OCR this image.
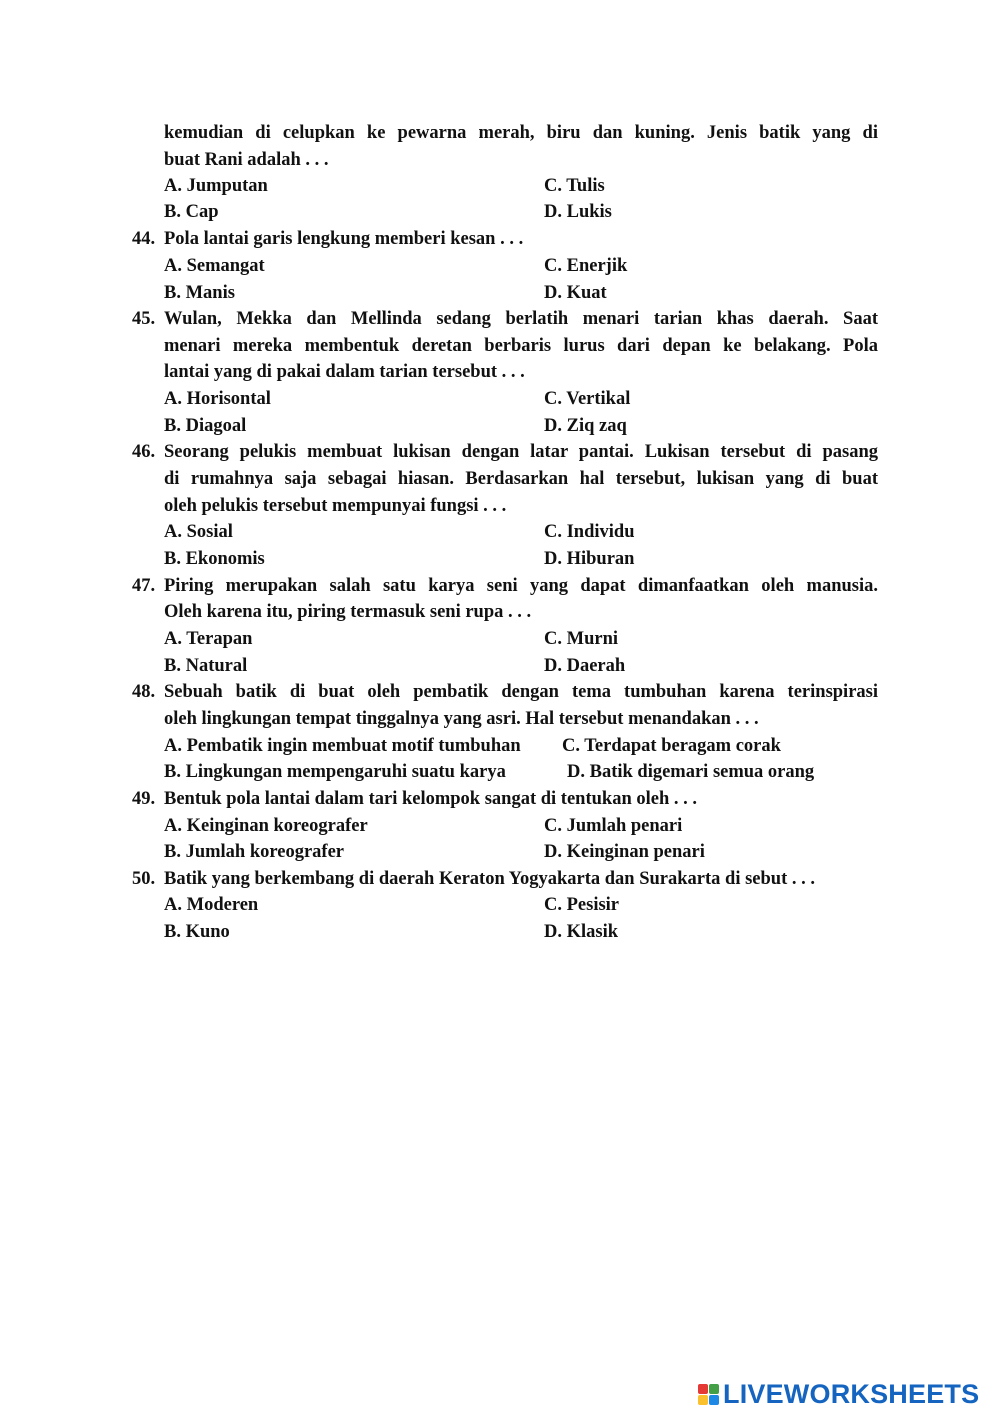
kemudian di celupkan ke pewarna merah, biru dan kuning. Jenis batik yang di
buat Rani adalah . . .
A. Jumputan	C. Tulis
B. Cap	D. Lukis
44. Pola lantai garis lengkung memberi kesan . . .
A. Semangat	C. Enerjik
B. Manis	D. Kuat
45. Wulan, Mekka dan Mellinda sedang berlatih menari tarian khas daerah. Saat
menari mereka membentuk deretan berbaris lurus dari depan ke belakang. Pola
lantai yang di pakai dalam tarian tersebut . . .
A. Horisontal	C. Vertikal
B. Diagoal	D. Ziq zaq
46. Seorang pelukis membuat lukisan dengan latar pantai. Lukisan tersebut di pasang
di rumahnya saja sebagai hiasan. Berdasarkan hal tersebut, lukisan yang di buat
oleh pelukis tersebut mempunyai fungsi . . .
A. Sosial	C. Individu
B. Ekonomis	D. Hiburan
47. Piring merupakan salah satu karya seni yang dapat dimanfaatkan oleh manusia.
Oleh karena itu, piring termasuk seni rupa . . .
A. Terapan	C. Murni
B. Natural	D. Daerah
48. Sebuah batik di buat oleh pembatik dengan tema tumbuhan karena terinspirasi
oleh lingkungan tempat tinggalnya yang asri. Hal tersebut menandakan . . .
A. Pembatik ingin membuat motif tumbuhan C. Terdapat beragam corak
B. Lingkungan mempengaruhi suatu karya	D. Batik digemari semua orang
49. Bentuk pola lantai dalam tari kelompok sangat di tentukan oleh . . .
A. Keinginan koreografer	C. Jumlah penari
B. Jumlah koreografer	D. Keinginan penari
50. Batik yang berkembang di daerah Keraton Yogyakarta dan Surakarta di sebut . . .
A. Moderen	C. Pesisir
B. Kuno	D. Klasik
LIVEWORKSHEETS
